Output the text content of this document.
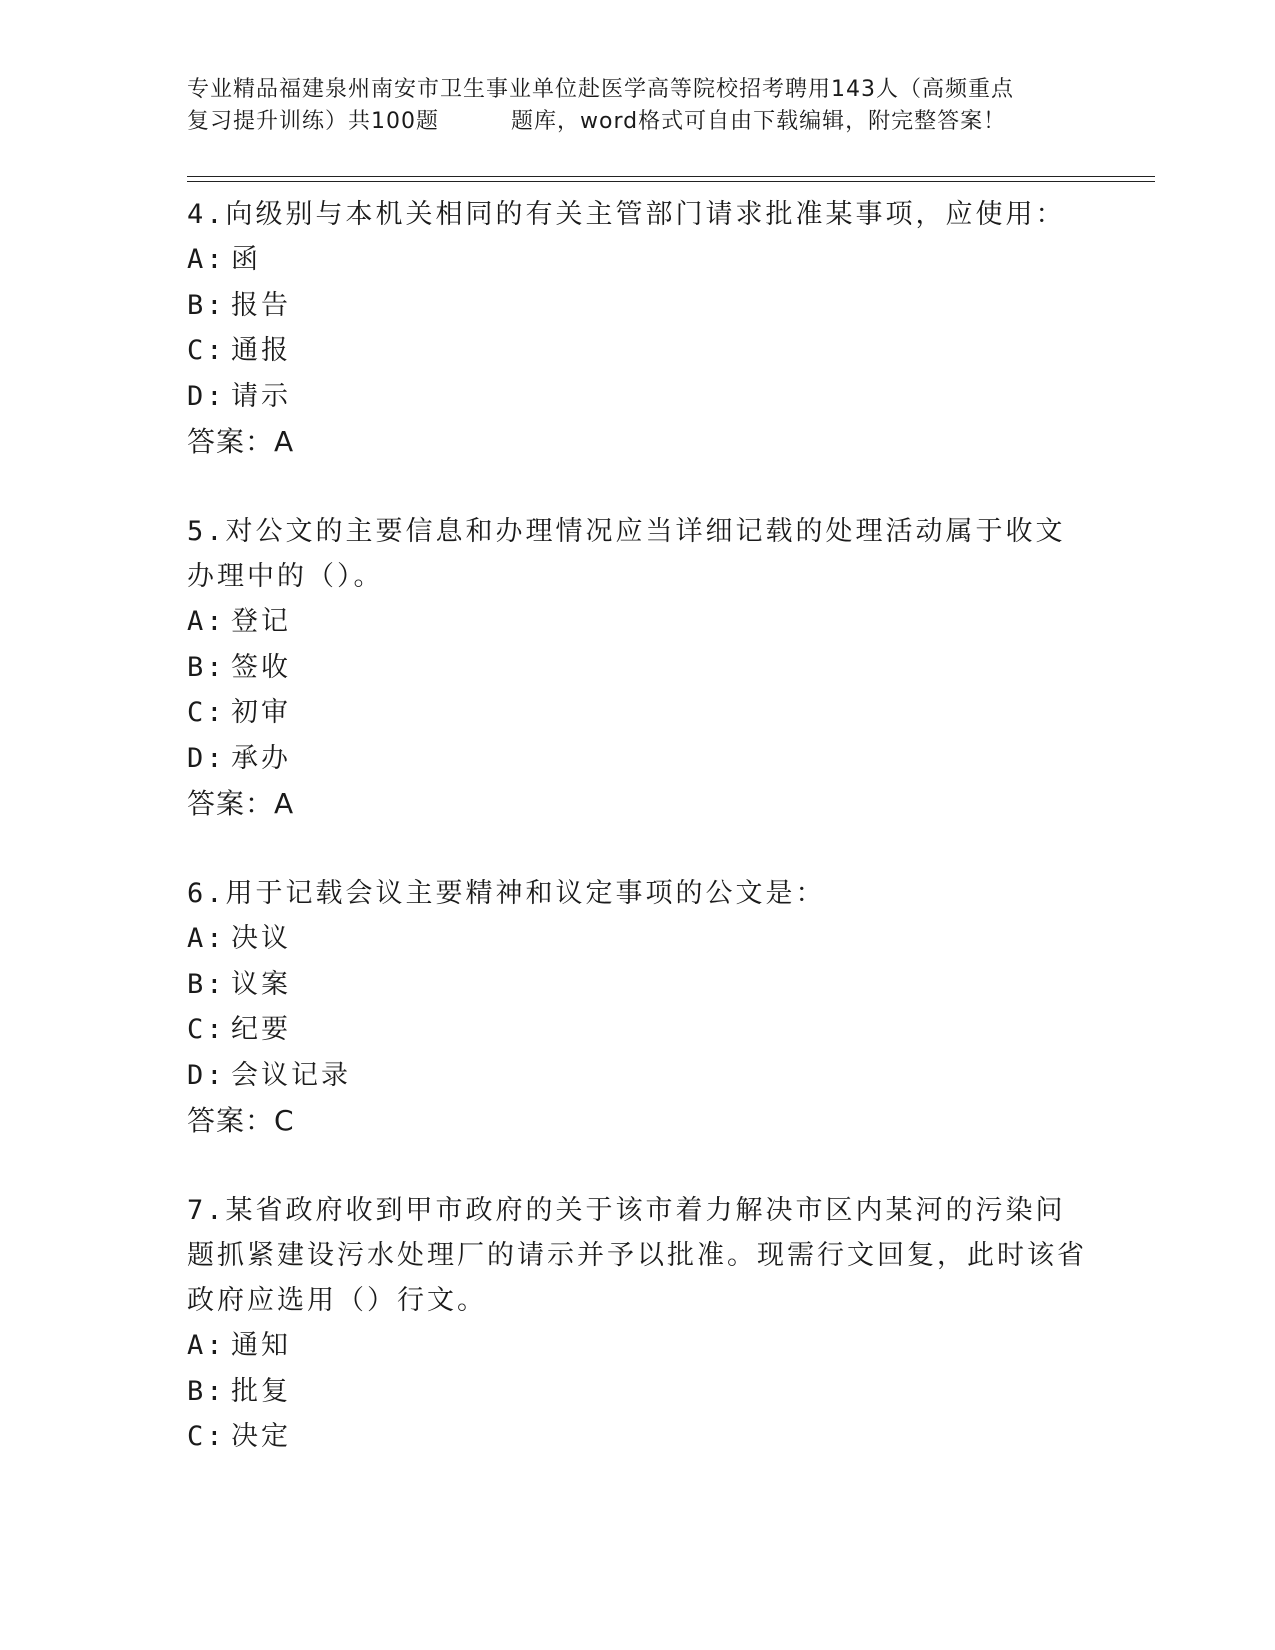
专业精品福建泉州南安市卫生事业单位赴医学高等院校招考聘用143人（高频重点
复习提升训练）共100题	题库，word格式可自由下载编辑，附完整答案！

4.向级别与本机关相同的有关主管部门请求批准某事项，应使用：

A: 函

B: 报告

C: 通报

D: 请示

答案：A

5.对公文的主要信息和办理情况应当详细记载的处理活动属于收文办理中的（）。

A: 登记

B: 签收

C: 初审

D: 承办

答案：A

6.用于记载会议主要精神和议定事项的公文是：

A: 决议

B: 议案

C: 纪要

D: 会议记录

答案：C

7.某省政府收到甲市政府的关于该市着力解决市区内某河的污染问题抓紧建设污水处理厂的请示并予以批准。现需行文回复，此时该省政府应选用（）行文。

A: 通知

B: 批复

C: 决定
